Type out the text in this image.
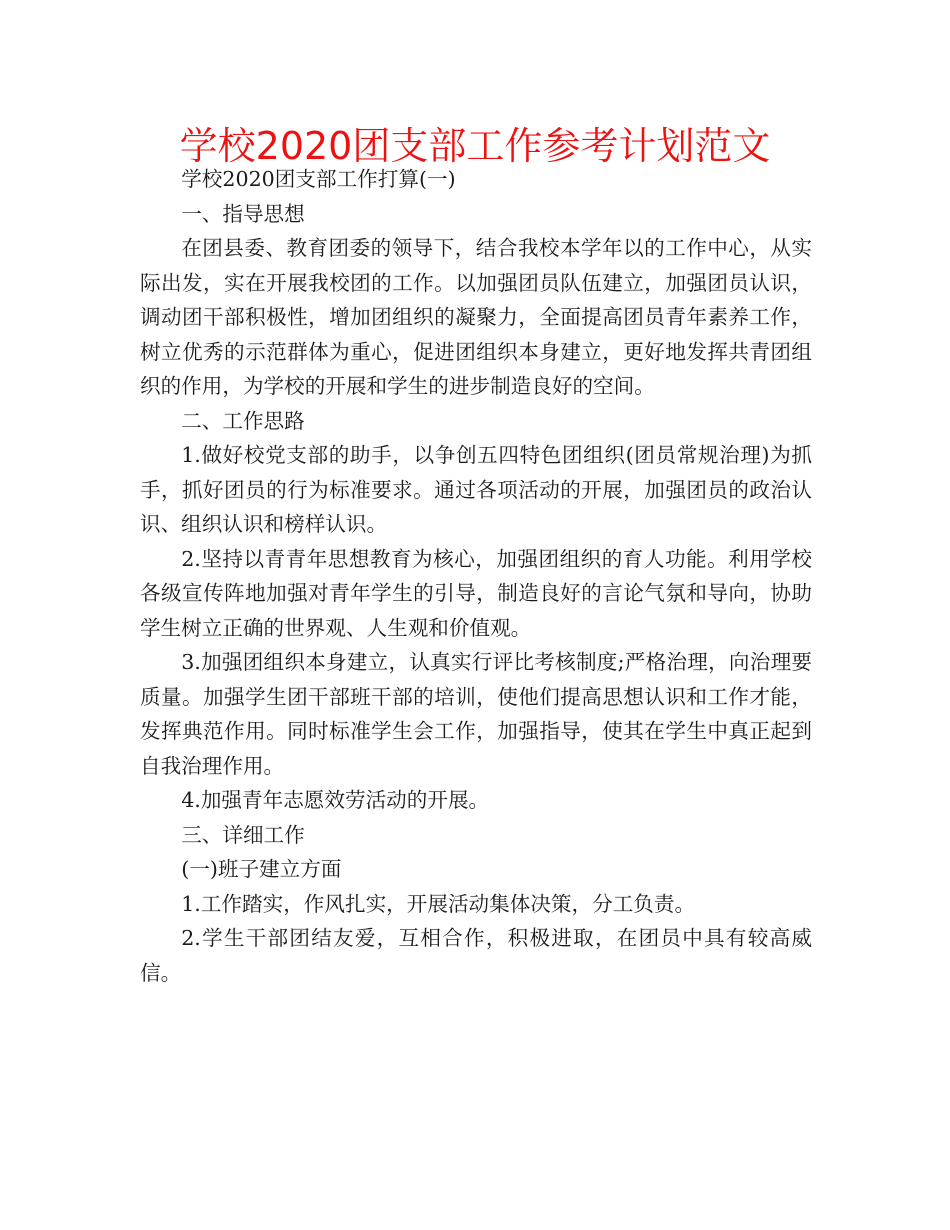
学校2020团支部工作参考计划范文

学校2020团支部工作打算(一)

一、指导思想

在团县委、教育团委的领导下，结合我校本学年以的工作中心，从实际出发，实在开展我校团的工作。以加强团员队伍建立，加强团员认识，调动团干部积极性，增加团组织的凝聚力，全面提高团员青年素养工作，树立优秀的示范群体为重心，促进团组织本身建立，更好地发挥共青团组织的作用，为学校的开展和学生的进步制造良好的空间。

二、工作思路

1.做好校党支部的助手，以争创五四特色团组织(团员常规治理)为抓手，抓好团员的行为标准要求。通过各项活动的开展，加强团员的政治认识、组织认识和榜样认识。

2.坚持以青青年思想教育为核心，加强团组织的育人功能。利用学校各级宣传阵地加强对青年学生的引导，制造良好的言论气氛和导向，协助学生树立正确的世界观、人生观和价值观。

3.加强团组织本身建立，认真实行评比考核制度;严格治理，向治理要质量。加强学生团干部班干部的培训，使他们提高思想认识和工作才能，发挥典范作用。同时标准学生会工作，加强指导，使其在学生中真正起到自我治理作用。

4.加强青年志愿效劳活动的开展。

三、详细工作

(一)班子建立方面

1.工作踏实，作风扎实，开展活动集体决策，分工负责。

2.学生干部团结友爱，互相合作，积极进取，在团员中具有较高威信。
